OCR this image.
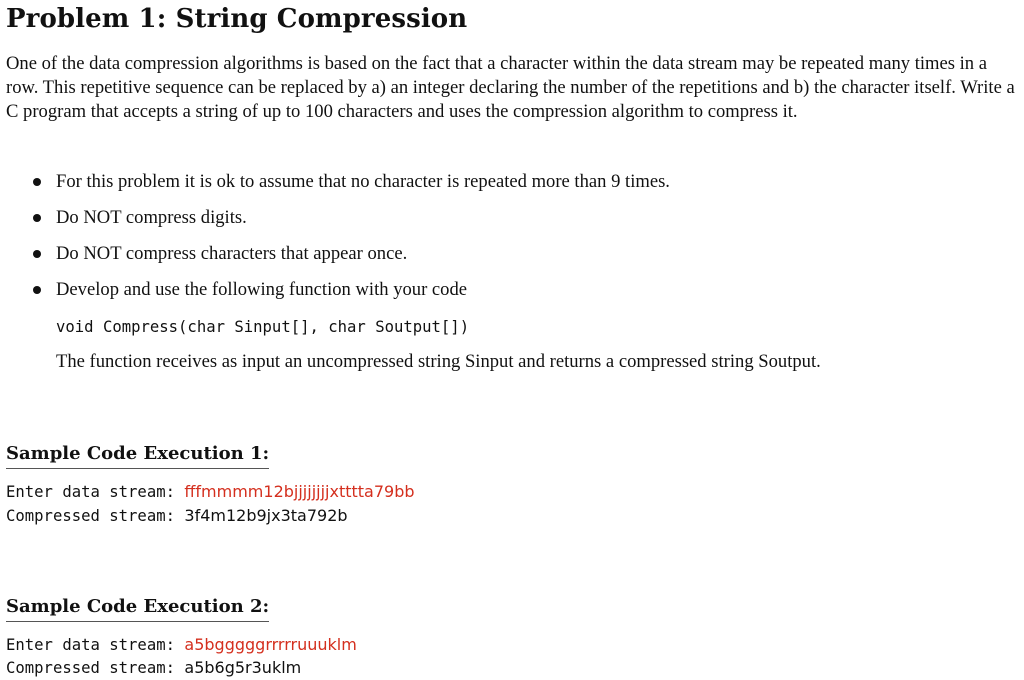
Problem 1: String Compression

One of the data compression algorithms is based on the fact that a character within the data stream may be repeated many times in a row. This repetitive sequence can be replaced by a) an integer declaring the number of the repetitions and b) the character itself. Write a C program that accepts a string of up to 100 characters and uses the compression algorithm to compress it.

For this problem it is ok to assume that no character is repeated more than 9 times.
Do NOT compress digits.
Do NOT compress characters that appear once.
Develop and use the following function with your code
void Compress(char Sinput[], char Soutput[])

The function receives as input an uncompressed string Sinput and returns a compressed string Soutput.

Sample Code Execution 1:
Enter data stream: fffmmmm12bjjjjjjjjxtttta79bb
Compressed stream: 3f4m12b9jx3ta792b
Sample Code Execution 2:
Enter data stream: a5bgggggrrrrruuuklm
Compressed stream: a5b6g5r3uklm
